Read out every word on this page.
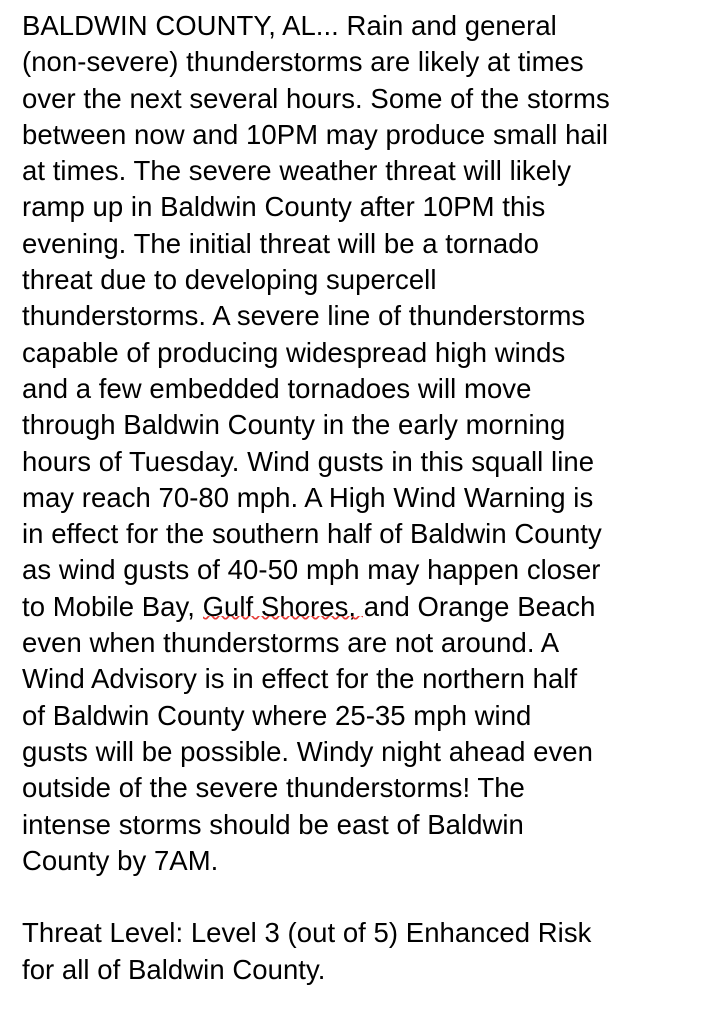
BALDWIN COUNTY, AL... Rain and general
(non-severe) thunderstorms are likely at times
over the next several hours. Some of the storms
between now and 10PM may produce small hail
at times. The severe weather threat will likely
ramp up in Baldwin County after 10PM this
evening. The initial threat will be a tornado
threat due to developing supercell
thunderstorms. A severe line of thunderstorms
capable of producing widespread high winds
and a few embedded tornadoes will move
through Baldwin County in the early morning
hours of Tuesday. Wind gusts in this squall line
may reach 70-80 mph. A High Wind Warning is
in effect for the southern half of Baldwin County
as wind gusts of 40-50 mph may happen closer
to Mobile Bay, Gulf Shores,
and Orange Beach
even when thunderstorms are not around. A
Wind Advisory is in effect for the northern half
of Baldwin County where 25-35 mph wind
gusts will be possible. Windy night ahead even
outside of the severe thunderstorms! The
intense storms should be east of Baldwin
County by 7AM.
Threat Level: Level 3 (out of 5) Enhanced Risk
for all of Baldwin County.
